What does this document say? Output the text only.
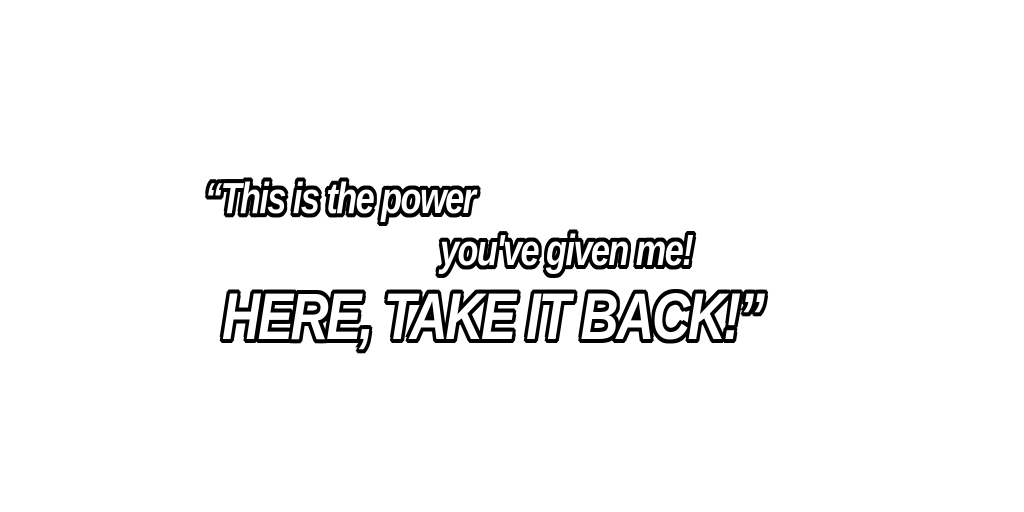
“This is the power
you've given me!
HERE, TAKE IT BACK!”
